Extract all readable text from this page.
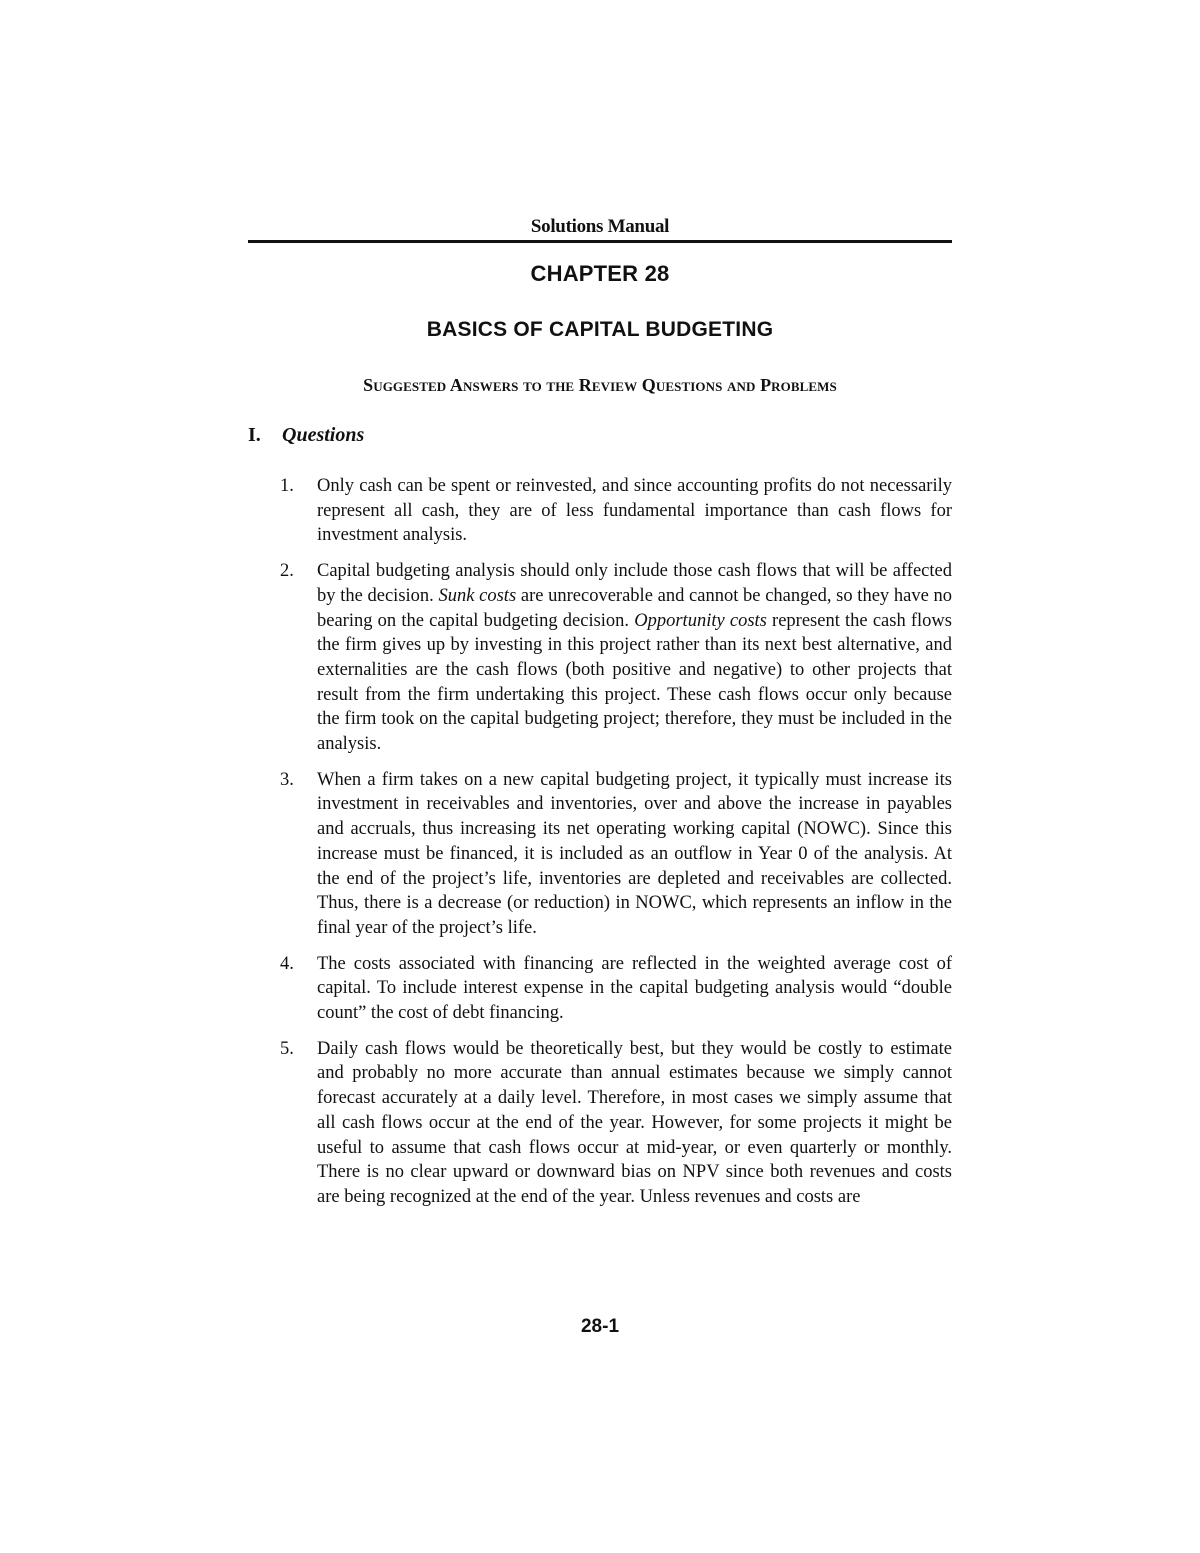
Solutions Manual
CHAPTER 28
BASICS OF CAPITAL BUDGETING
Suggested Answers to the Review Questions and Problems
I. Questions
1.	Only cash can be spent or reinvested, and since accounting profits do not necessarily represent all cash, they are of less fundamental importance than cash flows for investment analysis.
2.	Capital budgeting analysis should only include those cash flows that will be affected by the decision. Sunk costs are unrecoverable and cannot be changed, so they have no bearing on the capital budgeting decision. Opportunity costs represent the cash flows the firm gives up by investing in this project rather than its next best alternative, and externalities are the cash flows (both positive and negative) to other projects that result from the firm undertaking this project. These cash flows occur only because the firm took on the capital budgeting project; therefore, they must be included in the analysis.
3.	When a firm takes on a new capital budgeting project, it typically must increase its investment in receivables and inventories, over and above the increase in payables and accruals, thus increasing its net operating working capital (NOWC). Since this increase must be financed, it is included as an outflow in Year 0 of the analysis. At the end of the project’s life, inventories are depleted and receivables are collected. Thus, there is a decrease (or reduction) in NOWC, which represents an inflow in the final year of the project’s life.
4.	The costs associated with financing are reflected in the weighted average cost of capital. To include interest expense in the capital budgeting analysis would “double count” the cost of debt financing.
5.	Daily cash flows would be theoretically best, but they would be costly to estimate and probably no more accurate than annual estimates because we simply cannot forecast accurately at a daily level. Therefore, in most cases we simply assume that all cash flows occur at the end of the year. However, for some projects it might be useful to assume that cash flows occur at mid-year, or even quarterly or monthly. There is no clear upward or downward bias on NPV since both revenues and costs are being recognized at the end of the year. Unless revenues and costs are
28-1
